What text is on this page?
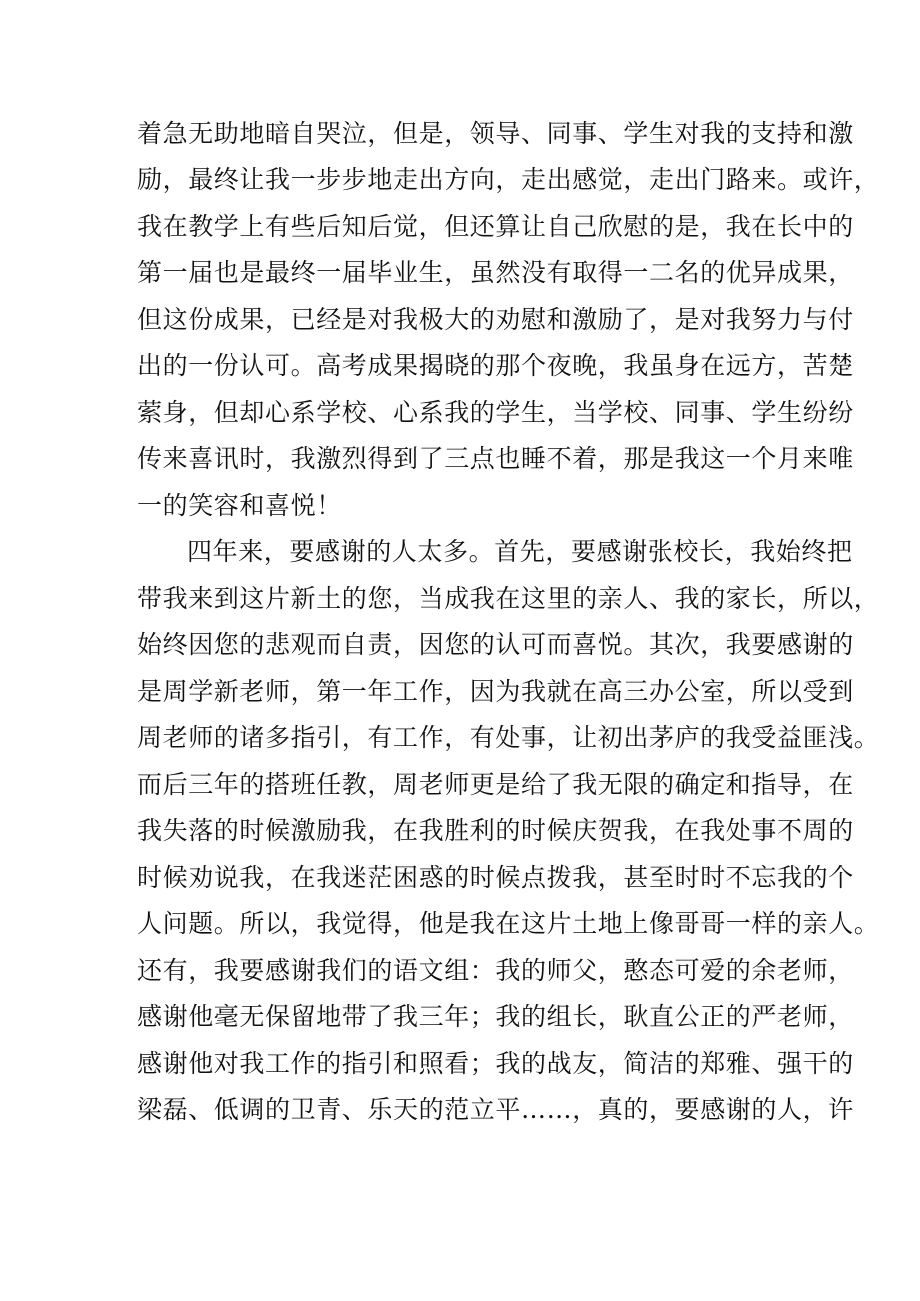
着急无助地暗自哭泣，但是，领导、同事、学生对我的支持和激
励，最终让我一步步地走出方向，走出感觉，走出门路来。或许，
我在教学上有些后知后觉，但还算让自己欣慰的是，我在长中的
第一届也是最终一届毕业生，虽然没有取得一二名的优异成果，
但这份成果，已经是对我极大的劝慰和激励了，是对我努力与付
出的一份认可。高考成果揭晓的那个夜晚，我虽身在远方，苦楚
萦身，但却心系学校、心系我的学生，当学校、同事、学生纷纷
传来喜讯时，我激烈得到了三点也睡不着，那是我这一个月来唯
一的笑容和喜悦！
四年来，要感谢的人太多。首先，要感谢张校长，我始终把
带我来到这片新土的您，当成我在这里的亲人、我的家长，所以，
始终因您的悲观而自责，因您的认可而喜悦。其次，我要感谢的
是周学新老师，第一年工作，因为我就在高三办公室，所以受到
周老师的诸多指引，有工作，有处事，让初出茅庐的我受益匪浅。
而后三年的搭班任教，周老师更是给了我无限的确定和指导，在
我失落的时候激励我，在我胜利的时候庆贺我，在我处事不周的
时候劝说我，在我迷茫困惑的时候点拨我，甚至时时不忘我的个
人问题。所以，我觉得，他是我在这片土地上像哥哥一样的亲人。
还有，我要感谢我们的语文组：我的师父，憨态可爱的余老师，
感谢他毫无保留地带了我三年；我的组长，耿直公正的严老师，
感谢他对我工作的指引和照看；我的战友，简洁的郑雅、强干的
梁磊、低调的卫青、乐天的范立平……，真的，要感谢的人，许
